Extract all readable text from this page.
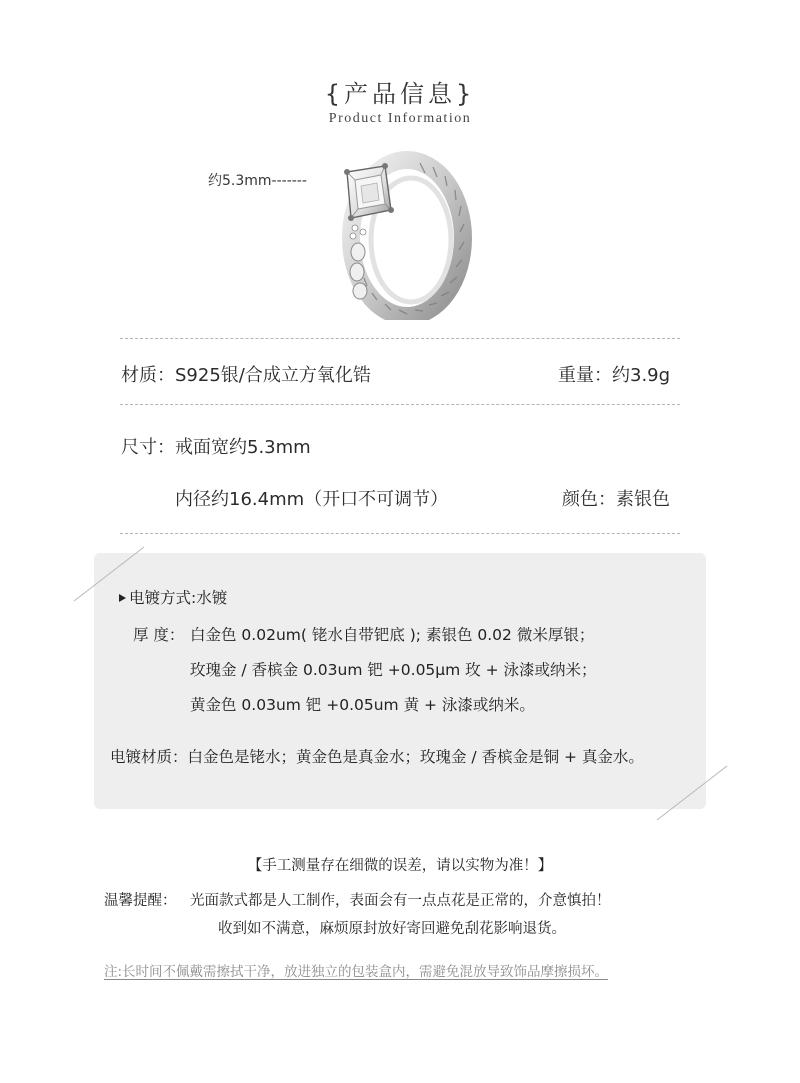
{产品信息}
Product Information
约5.3mm-------
材质：S925银/合成立方氧化锆	重量：约3.9g
尺寸：戒面宽约5.3mm
内径约16.4mm（开口不可调节）	颜色：素银色
电镀方式:水镀
厚 度： 白金色 0.02um( 铑水自带钯底 ); 素银色 0.02 微米厚银；
玫瑰金 / 香槟金 0.03um 钯 +0.05μm 玫 + 泳漆或纳米；
黄金色 0.03um 钯 +0.05um 黄 + 泳漆或纳米。
电镀材质：白金色是铑水；黄金色是真金水；玫瑰金 / 香槟金是铜 + 真金水。
【手工测量存在细微的误差，请以实物为准！】
温馨提醒： 光面款式都是人工制作，表面会有一点点花是正常的，介意慎拍！
收到如不满意，麻烦原封放好寄回避免刮花影响退货。
注:长时间不佩戴需擦拭干净，放进独立的包装盒内，需避免混放导致饰品摩擦损坏。
